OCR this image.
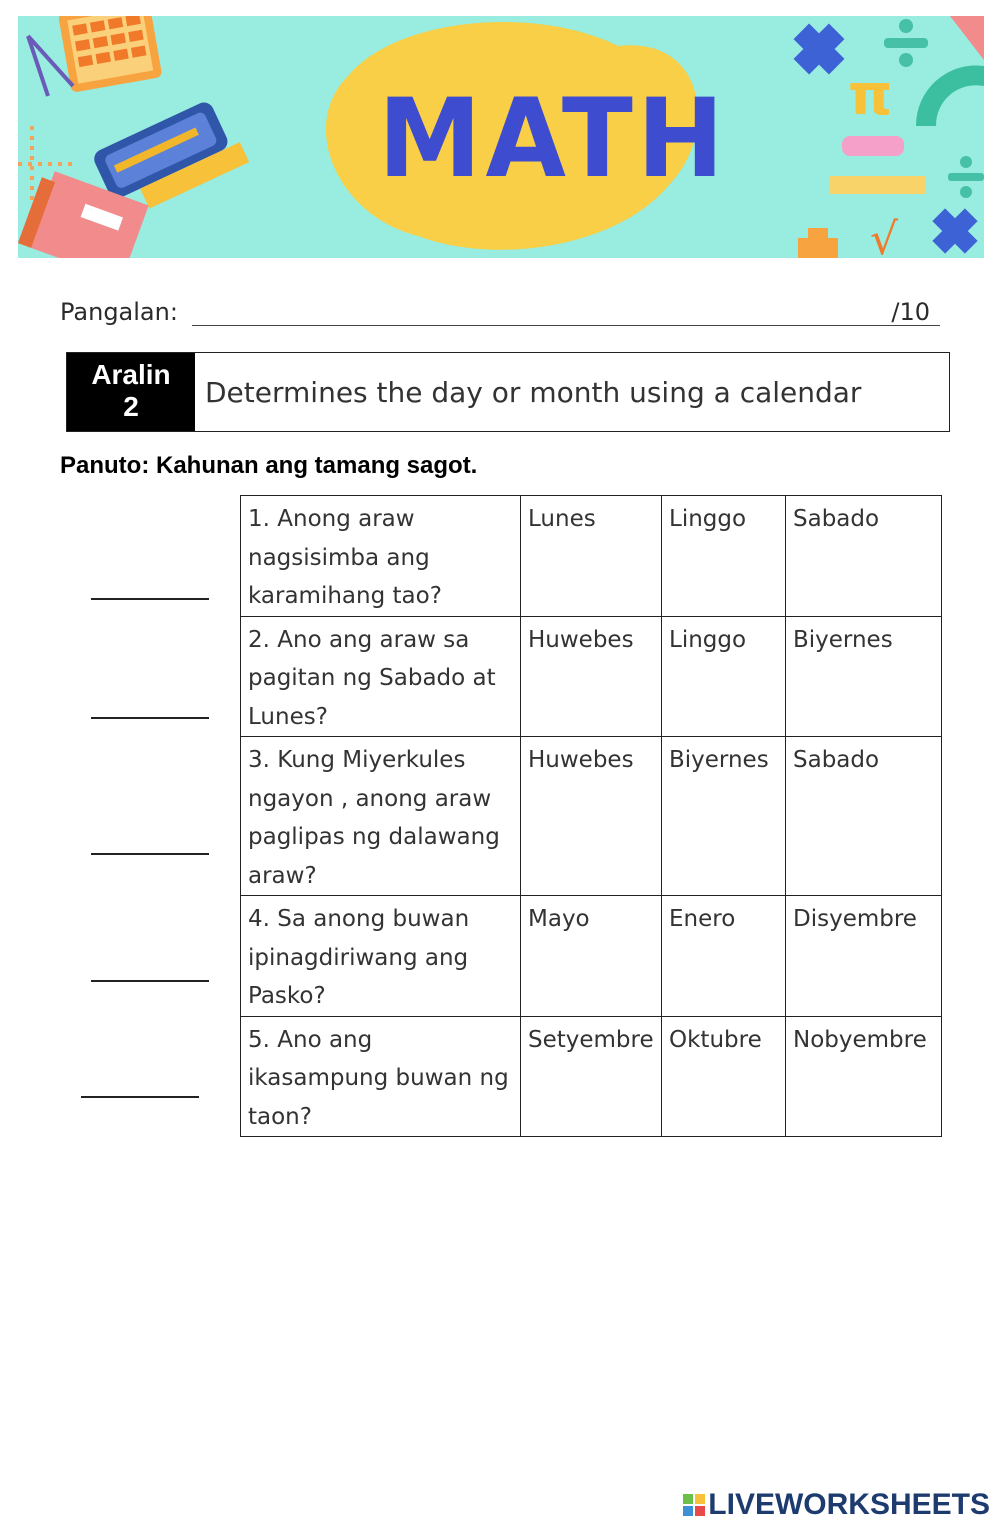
π
√
MATH
Pangalan:	/10
Aralin
2	Determines the day or month using a calendar
Panuto: Kahunan ang tamang sagot.
1. Anong araw nagsisimba ang karamihang tao?	Lunes	Linggo	Sabado
2. Ano ang araw sa pagitan ng Sabado at Lunes?	Huwebes	Linggo	Biyernes
3. Kung Miyerkules ngayon , anong araw paglipas ng dalawang araw?	Huwebes	Biyernes	Sabado
4. Sa anong buwan ipinagdiriwang ang Pasko?	Mayo	Enero	Disyembre
5. Ano ang ikasampung buwan ng taon?	Setyembre	Oktubre	Nobyembre
LIVEWORKSHEETS
